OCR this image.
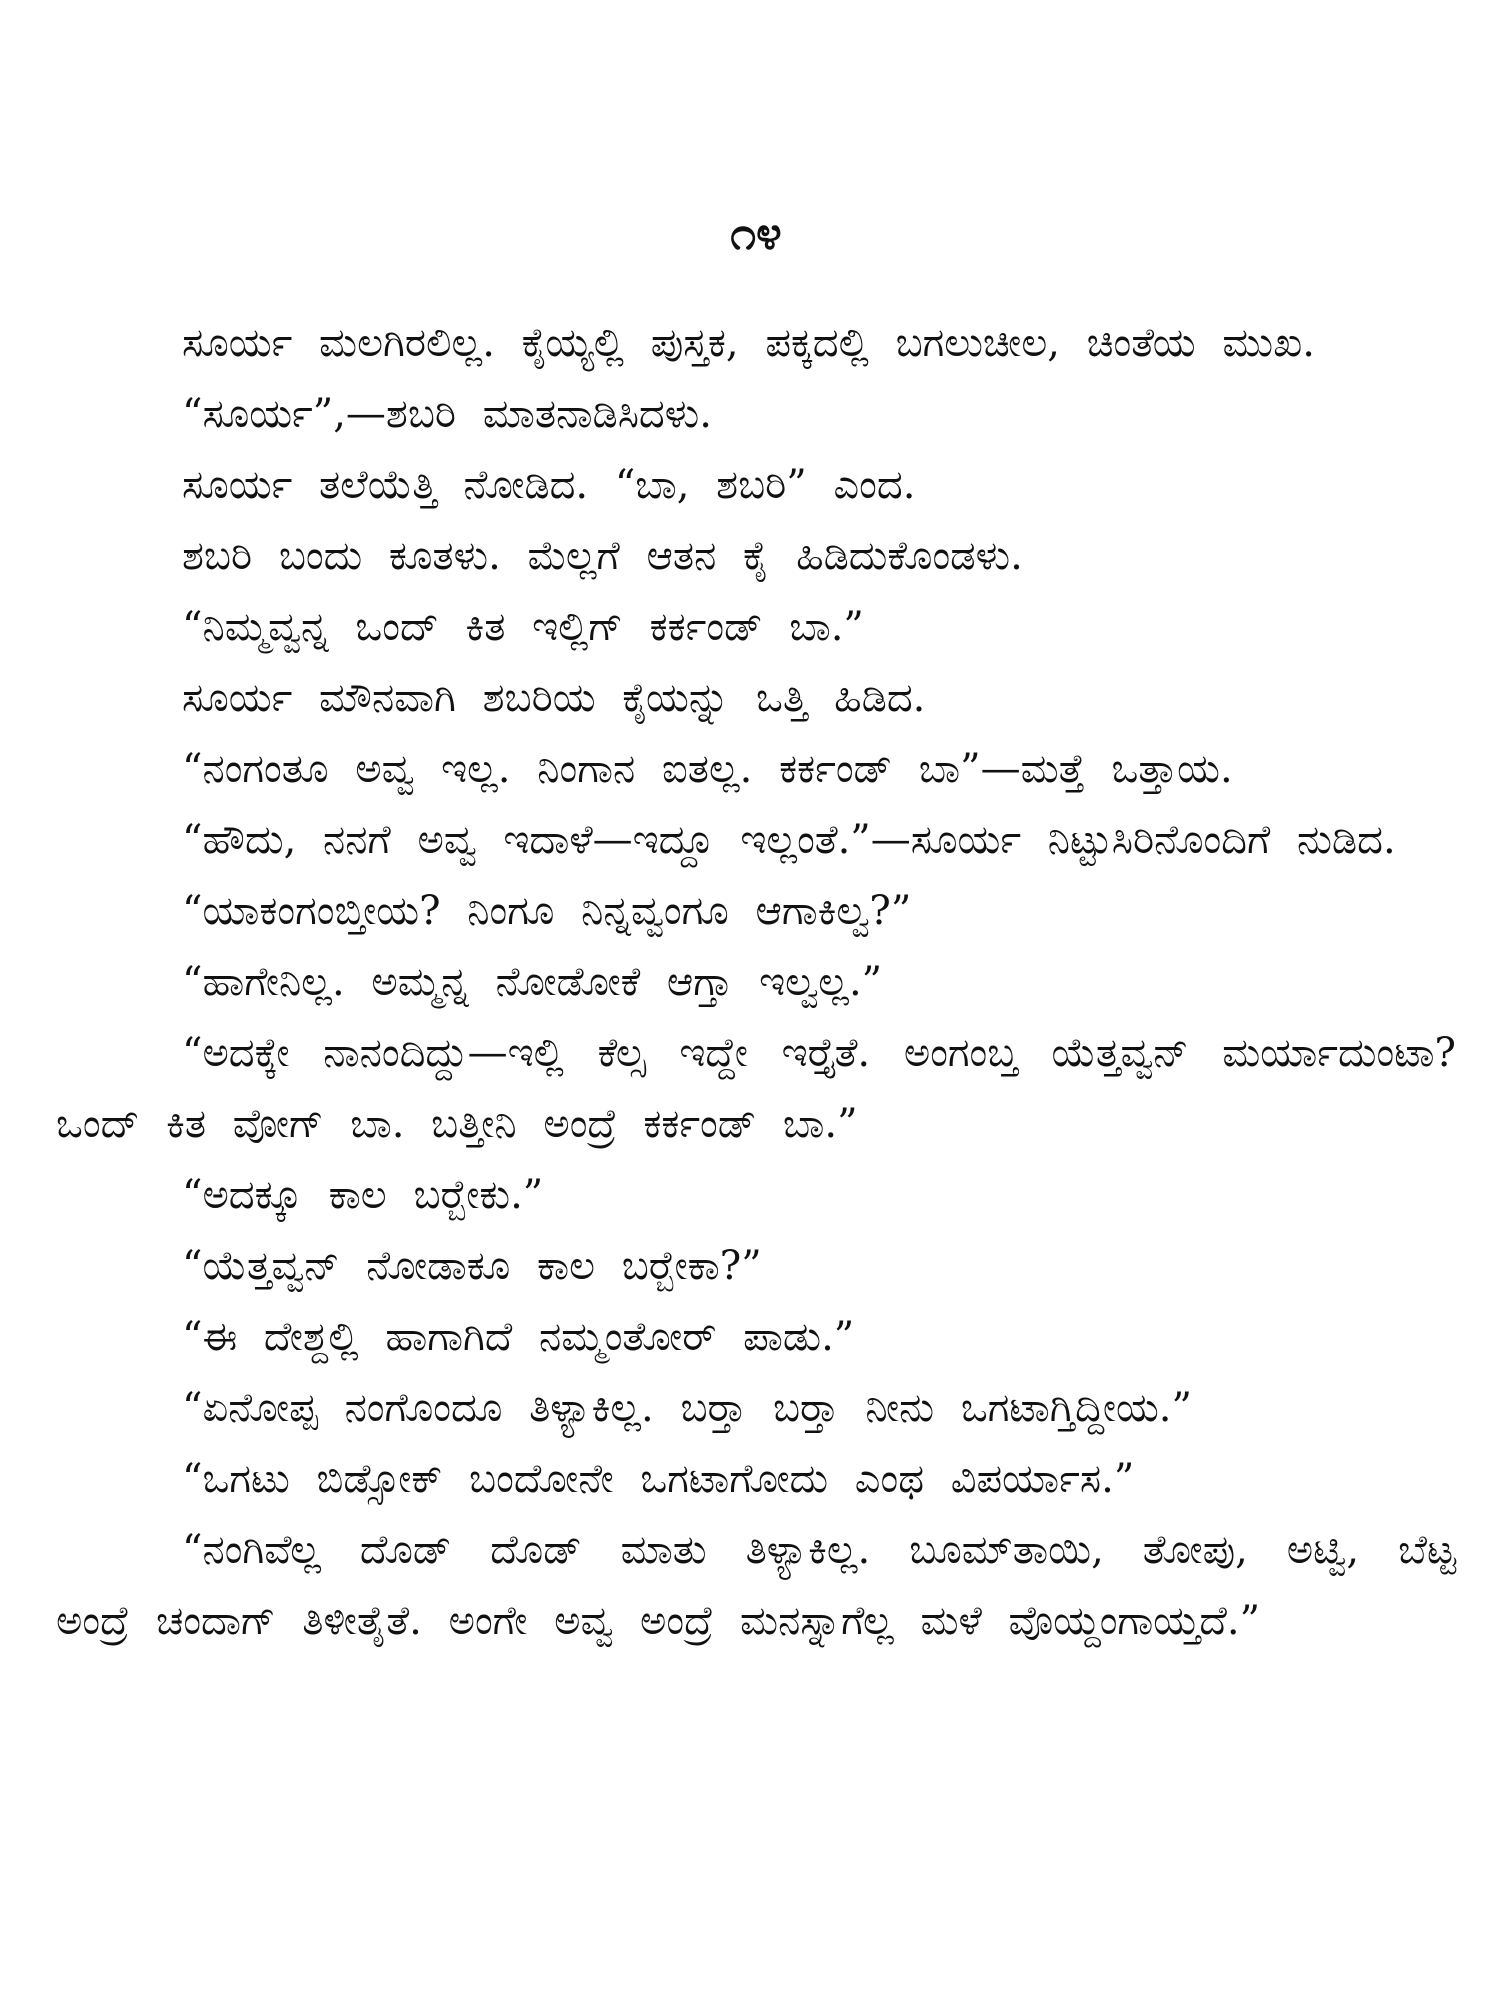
೧೪

ಸೂರ್ಯ ಮಲಗಿರಲಿಲ್ಲ. ಕೈಯ್ಯಲ್ಲಿ ಪುಸ್ತಕ, ಪಕ್ಕದಲ್ಲಿ ಬಗಲುಚೀಲ, ಚಿಂತೆಯ ಮುಖ.

“ಸೂರ್ಯ”,—ಶಬರಿ ಮಾತನಾಡಿಸಿದಳು.

ಸೂರ್ಯ ತಲೆಯೆತ್ತಿ ನೋಡಿದ. “ಬಾ, ಶಬರಿ” ಎಂದ.

ಶಬರಿ ಬಂದು ಕೂತಳು. ಮೆಲ್ಲಗೆ ಆತನ ಕೈ ಹಿಡಿದುಕೊಂಡಳು.

“ನಿಮ್ಮವ್ವನ್ನ ಒಂದ್ ಕಿತ ಇಲ್ಲಿಗ್ ಕರ್ಕಂಡ್ ಬಾ.”

ಸೂರ್ಯ ಮೌನವಾಗಿ ಶಬರಿಯ ಕೈಯನ್ನು ಒತ್ತಿ ಹಿಡಿದ.

“ನಂಗಂತೂ ಅವ್ವ ಇಲ್ಲ. ನಿಂಗಾನ ಐತಲ್ಲ. ಕರ್ಕಂಡ್ ಬಾ”—ಮತ್ತೆ ಒತ್ತಾಯ.

“ಹೌದು, ನನಗೆ ಅವ್ವ ಇದಾಳೆ—ಇದ್ದೂ ಇಲ್ಲಂತೆ.”—ಸೂರ್ಯ ನಿಟ್ಟುಸಿರಿನೊಂದಿಗೆ ನುಡಿದ.

“ಯಾಕಂಗಂಬ್ತೀಯ? ನಿಂಗೂ ನಿನ್ನವ್ವಂಗೂ ಆಗಾಕಿಲ್ವ?”

“ಹಾಗೇನಿಲ್ಲ. ಅಮ್ಮನ್ನ ನೋಡೋಕೆ ಆಗ್ತಾ ಇಲ್ವಲ್ಲ.”

“ಅದಕ್ಕೇ ನಾನಂದಿದ್ದು—ಇಲ್ಲಿ ಕೆಲ್ಸ ಇದ್ದೇ ಇರ್‍ತೈತೆ. ಅಂಗಂಬ್ತ ಯೆತ್ತವ್ವನ್ ಮರ್ಯಾದುಂಟಾ? ಒಂದ್ ಕಿತ ವೋಗ್ ಬಾ. ಬತ್ತೀನಿ ಅಂದ್ರೆ ಕರ್ಕಂಡ್ ಬಾ.”

“ಅದಕ್ಕೂ ಕಾಲ ಬರ್‍ಬೇಕು.”

“ಯೆತ್ತವ್ವನ್ ನೋಡಾಕೂ ಕಾಲ ಬರ್‍ಬೇಕಾ?”

“ಈ ದೇಶ್ದಲ್ಲಿ ಹಾಗಾಗಿದೆ ನಮ್ಮಂತೋರ್ ಪಾಡು.”

“ಏನೋಪ್ಪ ನಂಗೊಂದೂ ತಿಳ್ಯಾಕಿಲ್ಲ. ಬರ್‍ತಾ ಬರ್‍ತಾ ನೀನು ಒಗಟಾಗ್ತಿದ್ದೀಯ.”

“ಒಗಟು ಬಿಡ್ಸೋಕ್ ಬಂದೋನೇ ಒಗಟಾಗೋದು ಎಂಥ ವಿಪರ್ಯಾಸ.”

“ನಂಗಿವೆಲ್ಲ ದೊಡ್ ದೊಡ್ ಮಾತು ತಿಳ್ಯಾಕಿಲ್ಲ. ಬೂಮ್‌ತಾಯಿ, ತೋಪು, ಅಟ್ವಿ, ಬೆಟ್ಟ ಅಂದ್ರೆ ಚಂದಾಗ್ ತಿಳೀತೈತೆ. ಅಂಗೇ ಅವ್ವ ಅಂದ್ರೆ ಮನಸ್ನಾಗೆಲ್ಲ ಮಳೆ ವೊಯ್ದಂಗಾಯ್ತದೆ.”
